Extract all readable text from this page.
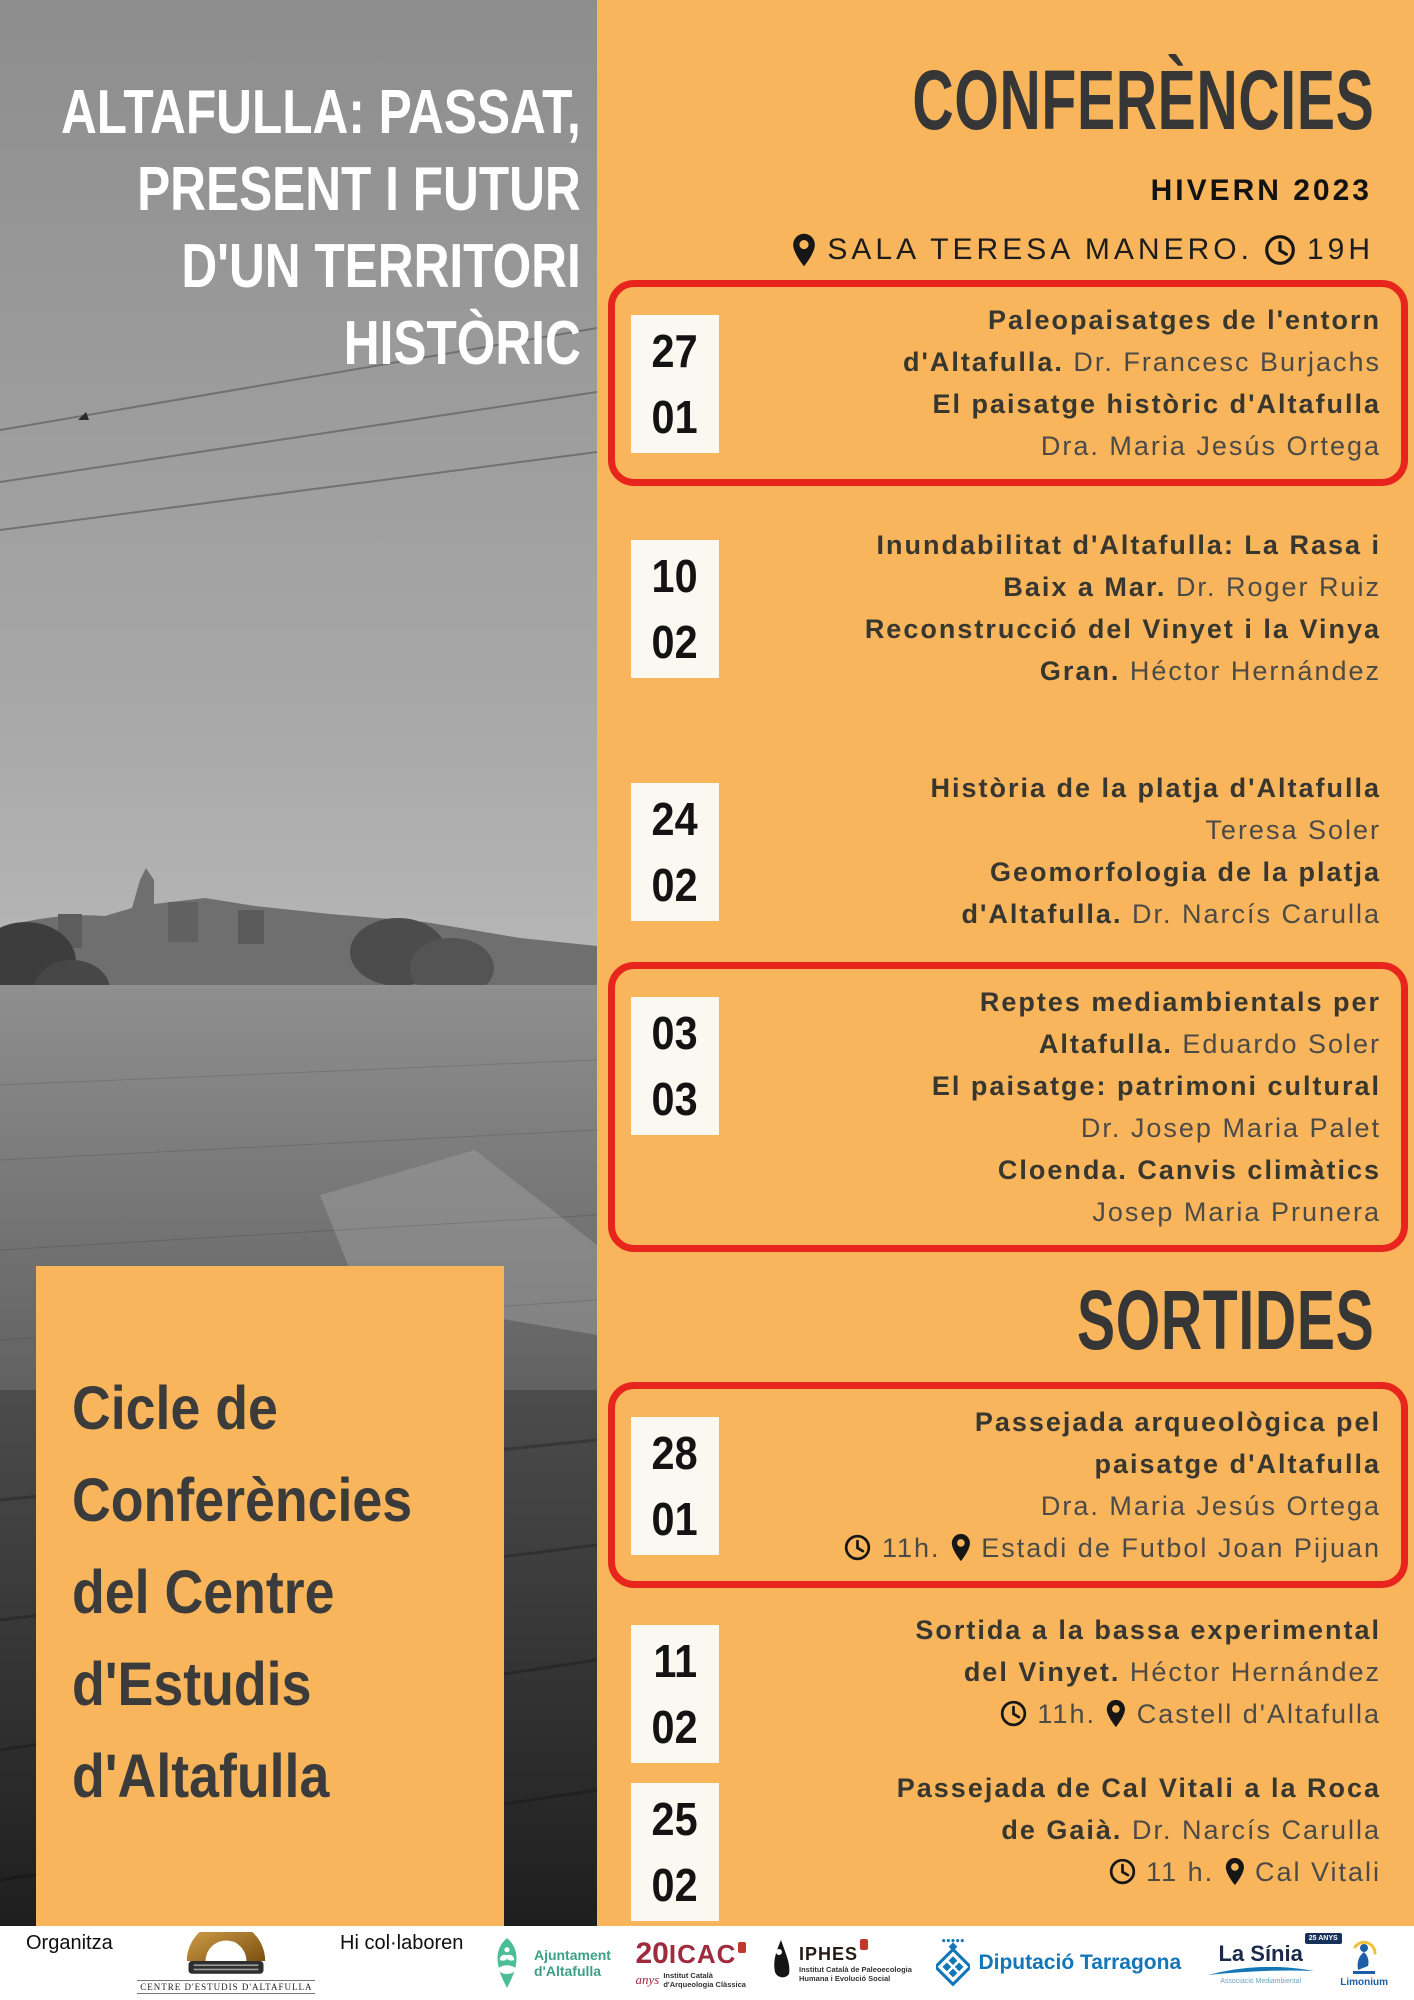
ALTAFULLA: PASSAT,
PRESENT I FUTUR
D'UN TERRITORI
HISTÒRIC
Cicle de
Conferències
del Centre
d'Estudis
d'Altafulla
CONFERÈNCIES
HIVERN 2023
SALA TERESA MANERO. 19H
27
01
Paleopaisatges de l'entorn
d'Altafulla. Dr. Francesc Burjachs
El paisatge històric d'Altafulla
Dra. Maria Jesús Ortega
10
02
Inundabilitat d'Altafulla: La Rasa i
Baix a Mar. Dr. Roger Ruiz
Reconstrucció del Vinyet i la Vinya
Gran. Héctor Hernández
24
02
Història de la platja d'Altafulla
Teresa Soler
Geomorfologia de la platja
d'Altafulla. Dr. Narcís Carulla
03
03
Reptes mediambientals per
Altafulla. Eduardo Soler
El paisatge: patrimoni cultural
Dr. Josep Maria Palet
Cloenda. Canvis climàtics
Josep Maria Prunera
SORTIDES
28
01
Passejada arqueològica pel
paisatge d'Altafulla
Dra. Maria Jesús Ortega
11h.  Estadi de Futbol Joan Pijuan
11
02
Sortida a la bassa experimental
del Vinyet. Héctor Hernández
11h.  Castell d'Altafulla
25
02
Passejada de Cal Vitali a la Roca
de Gaià. Dr. Narcís Carulla
11 h.  Cal Vitali
Organitza
CENTRE D'ESTUDIS D'ALTAFULLA
Hi col·laboren
Ajuntament
d'Altafulla
20 ICAC
anys Institut Català
d'Arqueologia Clàssica
IPHES
Institut Català de Paleoecologia
Humana i Evolució Social
Diputació Tarragona
25 ANYS
La Sínia
Associació Mediambiental	Limonium
